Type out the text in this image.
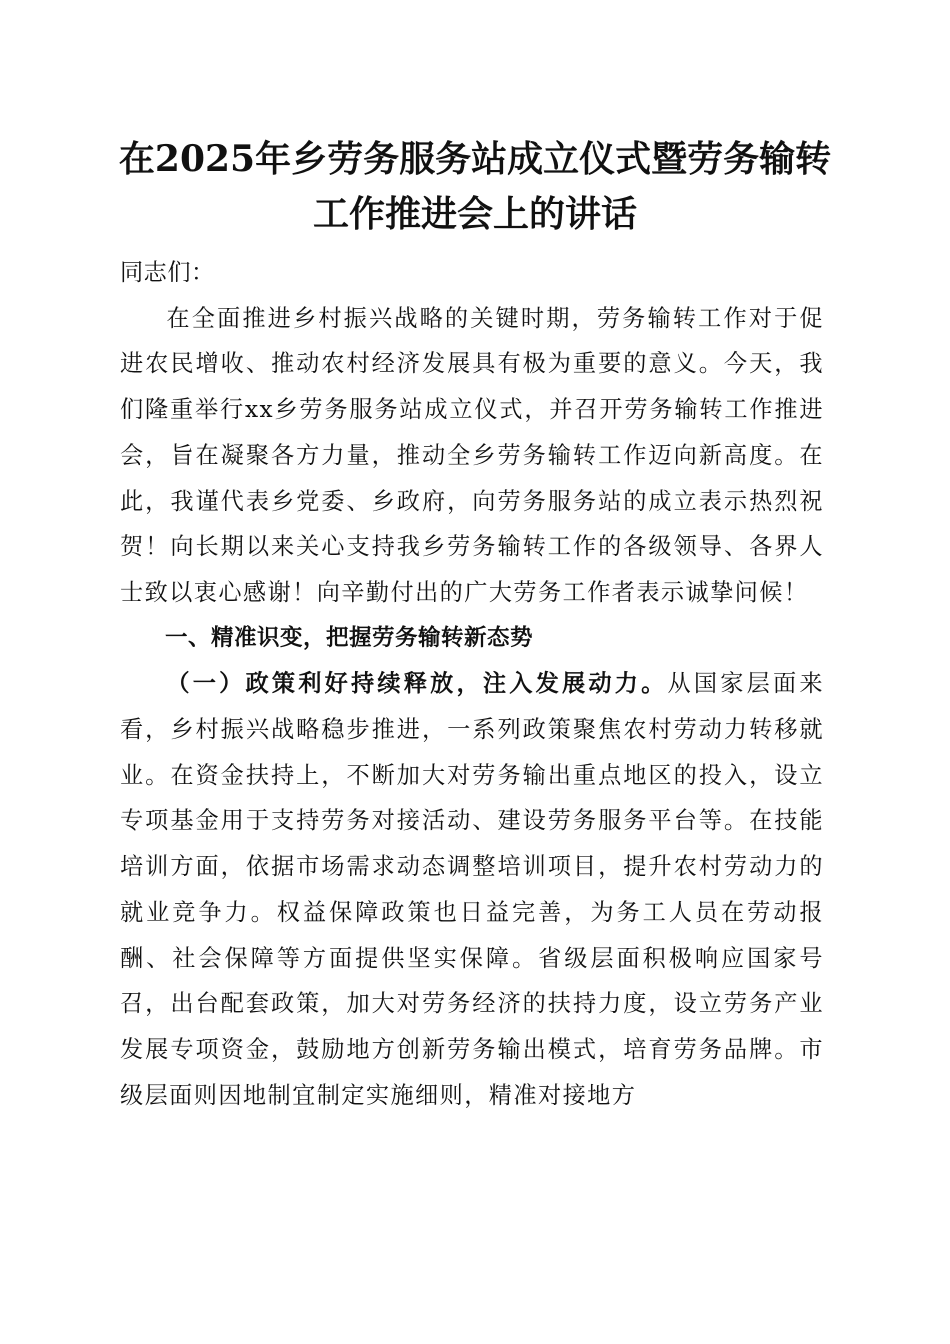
在2025年乡劳务服务站成立仪式暨劳务输转
工作推进会上的讲话

同志们：

在全面推进乡村振兴战略的关键时期，劳务输转工作对于促进农民增收、推动农村经济发展具有极为重要的意义。今天，我们隆重举行xx乡劳务服务站成立仪式，并召开劳务输转工作推进会，旨在凝聚各方力量，推动全乡劳务输转工作迈向新高度。在此，我谨代表乡党委、乡政府，向劳务服务站的成立表示热烈祝贺！向长期以来关心支持我乡劳务输转工作的各级领导、各界人士致以衷心感谢！向辛勤付出的广大劳务工作者表示诚挚问候！

一、精准识变，把握劳务输转新态势

（一）政策利好持续释放，注入发展动力。从国家层面来看，乡村振兴战略稳步推进，一系列政策聚焦农村劳动力转移就业。在资金扶持上，不断加大对劳务输出重点地区的投入，设立专项基金用于支持劳务对接活动、建设劳务服务平台等。在技能培训方面，依据市场需求动态调整培训项目，提升农村劳动力的就业竞争力。权益保障政策也日益完善，为务工人员在劳动报酬、社会保障等方面提供坚实保障。省级层面积极响应国家号召，出台配套政策，加大对劳务经济的扶持力度，设立劳务产业发展专项资金，鼓励地方创新劳务输出模式，培育劳务品牌。市级层面则因地制宜制定实施细则，精准对接地方
